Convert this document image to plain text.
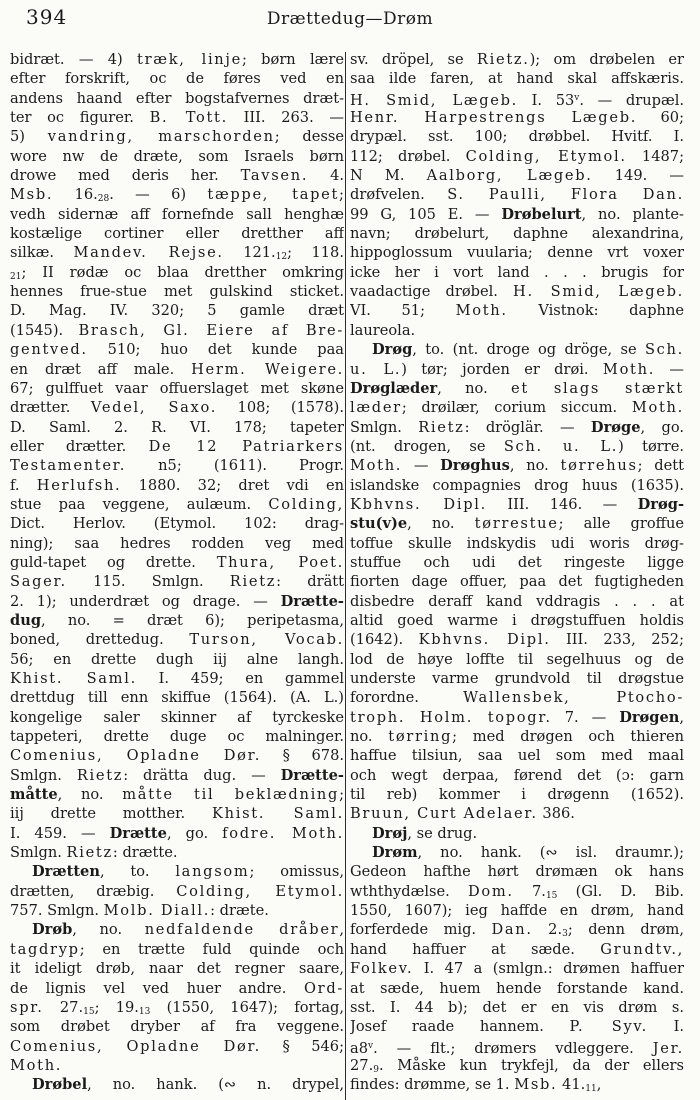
394	Drættedug—Drøm
bidræt. — 4) træk, linje; børn lære
efter forskrift, oc de føres ved en
andens haand efter bogstafvernes dræt-
ter oc figurer. B. Tott. III. 263. —
5) vandring, marschorden; desse
wore nw de dræte, som Israels børn
drowe med deris her. Tavsen. 4.
Msb. $16._{28}$. — 6) tæppe, tapet;
vedh sidernæ aff fornefnde sall henghæ
kostælige cortiner eller dretther aff
silkæ. Mandev. Rejse. $121._{12}$; 118.
$_{21}$; II rødæ oc blaa dretther omkring
hennes frue-stue met gulskind sticket.
D. Mag. IV. 320; 5 gamle dræt
(1545). Brasch, Gl. Eiere af Bre-
gentved. 510; huo det kunde paa
en dræt aff male. Herm. Weigere.
67; gulffuet vaar offuerslaget met skøne
drætter. Vedel, Saxo. 108; (1578).
D. Saml. 2. R. VI. 178; tapeter
eller drætter. De 12 Patriarkers
Testamenter. n5; (1611). Progr.
f. Herlufsh. 1880. 32; dret vdi en
stue paa veggene, aulæum. Colding,
Dict. Herlov. (Etymol. 102: drag-
ning); saa hedres rodden veg med
guld-tapet og drette. Thura, Poet.
Sager. 115. Smlgn. Rietz: drätt
2. 1); underdræt og drage. — Drætte-
dug, no. = dræt 6); peripetasma,
boned, drettedug. Turson, Vocab.
56; en drette dugh iij alne langh.
Khist. Saml. I. 459; en gammel
drettdug till enn skiffue (1564). (A. L.)
kongelige saler skinner af tyrckeske
tappeteri, drette duge oc malninger.
Comenius, Opladne Dør. § 678.
Smlgn. Rietz: drätta dug. — Drætte-
måtte, no. måtte til beklædning;
iij drette motther. Khist. Saml.
I. 459. — Drætte, go. fodre. Moth.
Smlgn. Rietz: drætte.
Drætten, to. langsom; omissus,
drætten, dræbig. Colding, Etymol.
757. Smlgn. Molb. Diall.: dræte.
Drøb, no. nedfaldende dråber,
tagdryp; en trætte fuld quinde och
it ideligt drøb, naar det regner saare,
de lignis vel ved huer andre. Ord-
spr. $27._{15}$; $19._{13}$ (1550, 1647); fortag,
som drøbet dryber af fra veggene.
Comenius, Opladne Dør. § 546;
Moth.
Drøbel, no. hank. (∾ n. drypel,
sv. dröpel, se Rietz.); om drøbelen er
saa ilde faren, at hand skal affskæris.
H. Smid, Lægeb. I. 53$^v$. — drupæl.
Henr. Harpestrengs Lægeb. 60;
drypæl. sst. 100; drøbbel. Hvitf. I.
112; drøbel. Colding, Etymol. 1487;
N M. Aalborg, Lægeb. 149. —
drøfvelen. S. Paulli, Flora Dan.
99 G, 105 E. — Drøbelurt, no. plante-
navn; drøbelurt, daphne alexandrina,
hippoglossum vuularia; denne vrt voxer
icke her i vort land . . . brugis for
vaadactige drøbel. H. Smid, Lægeb.
VI. 51; Moth. Vistnok: daphne
laureola.
Drøg, to. (nt. droge og dröge, se Sch.
u. L.) tør; jorden er drøi. Moth. —
Drøglæder, no. et slags stærkt
læder; drøilær, corium siccum. Moth.
Smlgn. Rietz: dröglär. — Drøge, go.
(nt. drogen, se Sch. u. L.) tørre.
Moth. — Drøghus, no. tørrehus; dett
islandske compagnies drog huus (1635).
Kbhvns. Dipl. III. 146. — Drøg-
stu(v)e, no. tørrestue; alle groffue
toffue skulle indskydis udi woris drøg-
stuffue och udi det ringeste ligge
fiorten dage offuer, paa det fugtigheden
disbedre deraff kand vddragis . . . at
altid goed warme i drøgstuffuen holdis
(1642). Kbhvns. Dipl. III. 233, 252;
lod de høye loffte til segelhuus og de
underste varme grundvold til drøgstue
forordne. Wallensbek, Ptocho-
troph. Holm. topogr. 7. — Drøgen,
no. tørring; med drøgen och thieren
haffue tilsiun, saa uel som med maal
och wegt derpaa, førend det (ɔ: garn
til reb) kommer i drøgenn (1652).
Bruun, Curt Adelaer. 386.
Drøj, se drug.
Drøm, no. hank. (∾ isl. draumr.);
Gedeon hafthe hørt drømæn ok hans
wththydælse. Dom. $7._{15}$ (Gl. D. Bib.
1550, 1607); ieg haffde en drøm, hand
forferdede mig. Dan. $2._3$; denn drøm,
hand haffuer at sæde. Grundtv.,
Folkev. I. 47 a (smlgn.: drømen haffuer
at sæde, huem hende forstande kand.
sst. I. 44 b); det er en vis drøm s.
Josef raade hannem. P. Syv. I.
a8$^v$. — flt.; drømers vdleggere. Jer.
$27._9$. Måske kun trykfejl, da der ellers
findes: drømme, se 1. Msb. $41._{11}$,
